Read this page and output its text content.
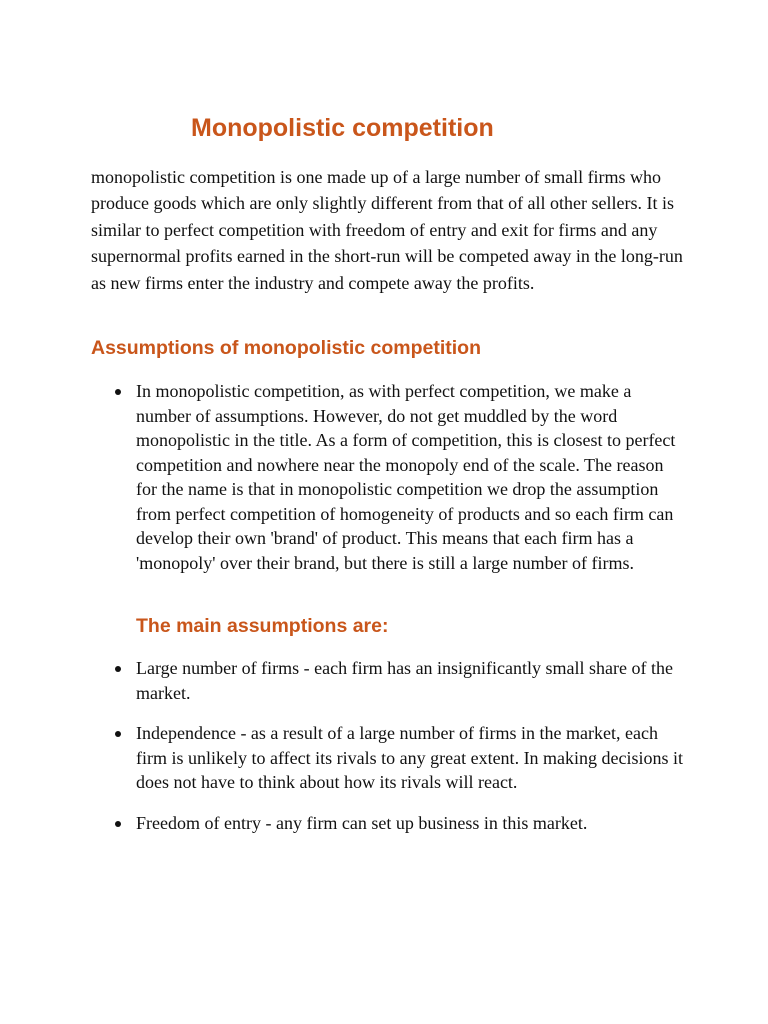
Monopolistic competition

monopolistic competition is one made up of a large number of small firms who produce goods which are only slightly different from that of all other sellers. It is similar to perfect competition with freedom of entry and exit for firms and any supernormal profits earned in the short-run will be competed away in the long-run as new firms enter the industry and compete away the profits.

Assumptions of monopolistic competition
In monopolistic competition, as with perfect competition, we make a number of assumptions. However, do not get muddled by the word monopolistic in the title. As a form of competition, this is closest to perfect competition and nowhere near the monopoly end of the scale. The reason for the name is that in monopolistic competition we drop the assumption from perfect competition of homogeneity of products and so each firm can develop their own 'brand' of product. This means that each firm has a 'monopoly' over their brand, but there is still a large number of firms.
The main assumptions are:
Large number of firms - each firm has an insignificantly small share of the market.
Independence - as a result of a large number of firms in the market, each firm is unlikely to affect its rivals to any great extent. In making decisions it does not have to think about how its rivals will react.
Freedom of entry - any firm can set up business in this market.
